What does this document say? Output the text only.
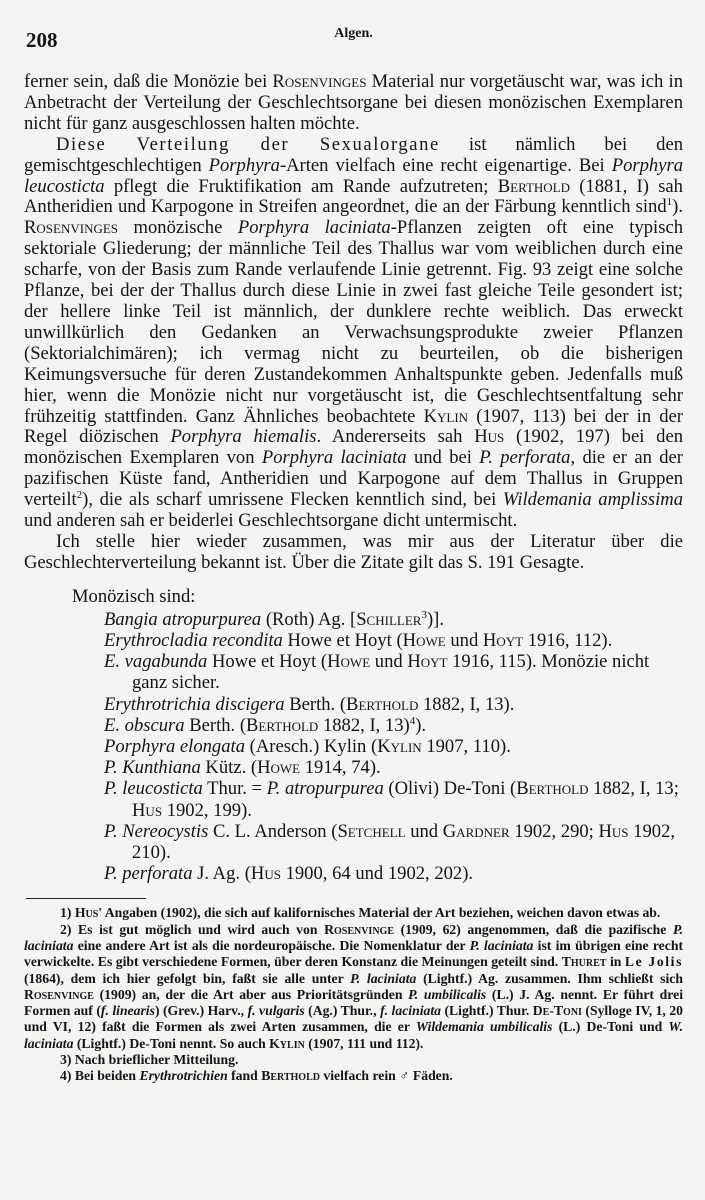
208	Algen.

ferner sein, daß die Monözie bei Rosenvinges Material nur vorgetäuscht war, was ich in Anbetracht der Verteilung der Geschlechtsorgane bei diesen monözischen Exemplaren nicht für ganz ausgeschlossen halten möchte.

Diese Verteilung der Sexualorgane ist nämlich bei den gemischtgeschlechtigen Porphyra-Arten vielfach eine recht eigenartige. Bei Porphyra leucosticta pflegt die Fruktifikation am Rande aufzutreten; Berthold (1881, I) sah Antheridien und Karpogone in Streifen angeordnet, die an der Färbung kenntlich sind$^1$). Rosenvinges monözische Porphyra laciniata-Pflanzen zeigten oft eine typisch sektoriale Gliederung; der männliche Teil des Thallus war vom weiblichen durch eine scharfe, von der Basis zum Rande verlaufende Linie getrennt. Fig. 93 zeigt eine solche Pflanze, bei der der Thallus durch diese Linie in zwei fast gleiche Teile gesondert ist; der hellere linke Teil ist männlich, der dunklere rechte weiblich. Das erweckt unwillkürlich den Gedanken an Verwachsungsprodukte zweier Pflanzen (Sektorialchimären); ich vermag nicht zu beurteilen, ob die bisherigen Keimungsversuche für deren Zustandekommen Anhaltspunkte geben. Jedenfalls muß hier, wenn die Monözie nicht nur vorgetäuscht ist, die Geschlechtsentfaltung sehr frühzeitig stattfinden. Ganz Ähnliches beobachtete Kylin (1907, 113) bei der in der Regel diözischen Porphyra hiemalis. Andererseits sah Hus (1902, 197) bei den monözischen Exemplaren von Porphyra laciniata und bei P. perforata, die er an der pazifischen Küste fand, Antheridien und Karpogone auf dem Thallus in Gruppen verteilt$^2$), die als scharf umrissene Flecken kenntlich sind, bei Wildemania amplissima und anderen sah er beiderlei Geschlechtsorgane dicht untermischt.

Ich stelle hier wieder zusammen, was mir aus der Literatur über die Geschlechterverteilung bekannt ist. Über die Zitate gilt das S. 191 Gesagte.

Monözisch sind:
Bangia atropurpurea (Roth) Ag. [Schiller$^3$)].
Erythrocladia recondita Howe et Hoyt (Howe und Hoyt 1916, 112).
E. vagabunda Howe et Hoyt (Howe und Hoyt 1916, 115). Monözie nicht ganz sicher.
Erythrotrichia discigera Berth. (Berthold 1882, I, 13).
E. obscura Berth. (Berthold 1882, I, 13)$^4$).
Porphyra elongata (Aresch.) Kylin (Kylin 1907, 110).
P. Kunthiana Kütz. (Howe 1914, 74).
P. leucosticta Thur. = P. atropurpurea (Olivi) De-Toni (Berthold 1882, I, 13; Hus 1902, 199).
P. Nereocystis C. L. Anderson (Setchell und Gardner 1902, 290; Hus 1902, 210).
P. perforata J. Ag. (Hus 1900, 64 und 1902, 202).

1) Hus' Angaben (1902), die sich auf kalifornisches Material der Art beziehen, weichen davon etwas ab.

2) Es ist gut möglich und wird auch von Rosenvinge (1909, 62) angenommen, daß die pazifische P. laciniata eine andere Art ist als die nordeuropäische. Die Nomenklatur der P. laciniata ist im übrigen eine recht verwickelte. Es gibt verschiedene Formen, über deren Konstanz die Meinungen geteilt sind. Thuret in Le Jolis (1864), dem ich hier gefolgt bin, faßt sie alle unter P. laciniata (Lightf.) Ag. zusammen. Ihm schließt sich Rosenvinge (1909) an, der die Art aber aus Prioritätsgründen P. umbilicalis (L.) J. Ag. nennt. Er führt drei Formen auf (f. linearis) (Grev.) Harv., f. vulgaris (Ag.) Thur., f. laciniata (Lightf.) Thur. De-Toni (Sylloge IV, 1, 20 und VI, 12) faßt die Formen als zwei Arten zusammen, die er Wildemania umbilicalis (L.) De-Toni und W. laciniata (Lightf.) De-Toni nennt. So auch Kylin (1907, 111 und 112).

3) Nach brieflicher Mitteilung.

4) Bei beiden Erythrotrichien fand Berthold vielfach rein ♂ Fäden.
